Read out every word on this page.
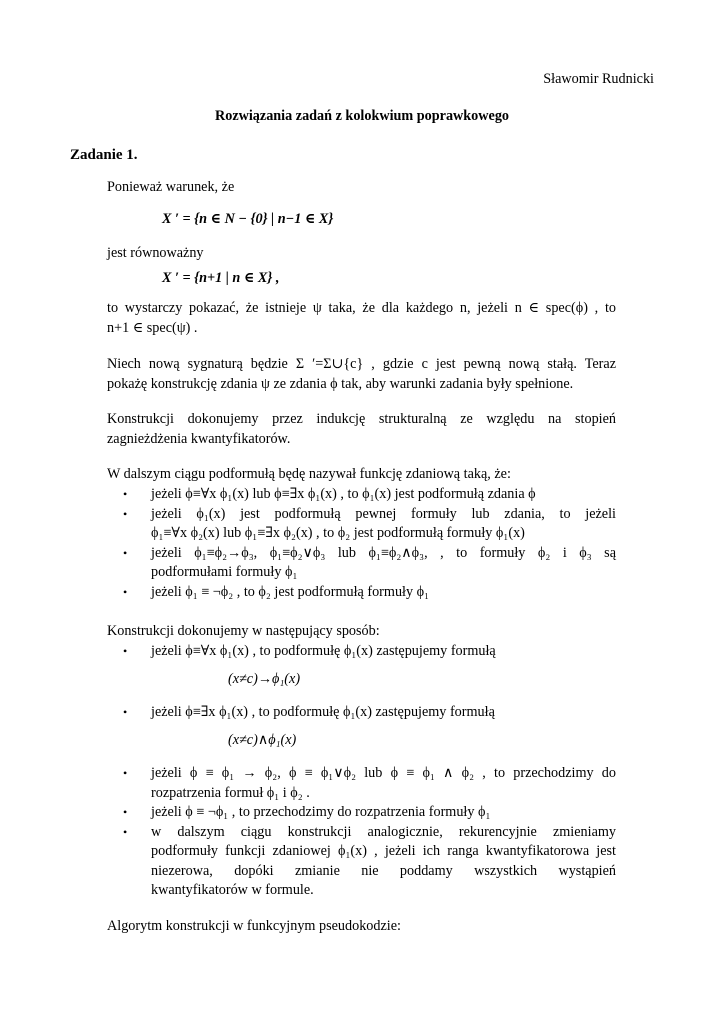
Sławomir Rudnicki
Rozwiązania zadań z kolokwium poprawkowego
Zadanie 1.
Ponieważ warunek, że
X ′ = {n ∈ N − {0} | n−1 ∈ X}
jest równoważny
X ′ = {n+1 | n ∈ X} ,
to wystarczy pokazać, że istnieje ψ taka, że dla każdego n, jeżeli n ∈ spec(ϕ) , to
n+1 ∈ spec(ψ) .
Niech nową sygnaturą będzie Σ ′=Σ∪{c} , gdzie c jest pewną nową stałą. Teraz
pokażę konstrukcję zdania ψ ze zdania ϕ tak, aby warunki zadania były spełnione.
Konstrukcji dokonujemy przez indukcję strukturalną ze względu na stopień
zagnieżdżenia kwantyfikatorów.
W dalszym ciągu podformułą będę nazywał funkcję zdaniową taką, że:
• jeżeli ϕ≡∀x ϕ₁(x) lub ϕ≡∃x ϕ₁(x) , to ϕ₁(x) jest podformułą zdania ϕ
• jeżeli ϕ₁(x) jest podformułą pewnej formuły lub zdania, to jeżeli
ϕ₁≡∀x ϕ₂(x) lub ϕ₁≡∃x ϕ₂(x) , to ϕ₂ jest podformułą formuły ϕ₁(x)
• jeżeli ϕ₁≡ϕ₂→ϕ₃, ϕ₁≡ϕ₂∨ϕ₃ lub ϕ₁≡ϕ₂∧ϕ₃, , to formuły ϕ₂ i ϕ₃ są
podformułami formuły ϕ₁
• jeżeli ϕ₁ ≡ ¬ϕ₂ , to ϕ₂ jest podformułą formuły ϕ₁
Konstrukcji dokonujemy w następujący sposób:
• jeżeli ϕ≡∀x ϕ₁(x) , to podformułę ϕ₁(x) zastępujemy formułą
(x≠c)→ϕ₁(x)
• jeżeli ϕ≡∃x ϕ₁(x) , to podformułę ϕ₁(x) zastępujemy formułą
(x≠c)∧ϕ₁(x)
• jeżeli ϕ ≡ ϕ₁ → ϕ₂, ϕ ≡ ϕ₁∨ϕ₂ lub ϕ ≡ ϕ₁ ∧ ϕ₂ , to przechodzimy do
rozpatrzenia formuł ϕ₁ i ϕ₂ .
• jeżeli ϕ ≡ ¬ϕ₁ , to przechodzimy do rozpatrzenia formuły ϕ₁
• w dalszym ciągu konstrukcji analogicznie, rekurencyjnie zmieniamy
podformuły funkcji zdaniowej ϕ₁(x) , jeżeli ich ranga kwantyfikatorowa jest
niezerowa, dopóki zmianie nie poddamy wszystkich wystąpień
kwantyfikatorów w formule.
Algorytm konstrukcji w funkcyjnym pseudokodzie:
